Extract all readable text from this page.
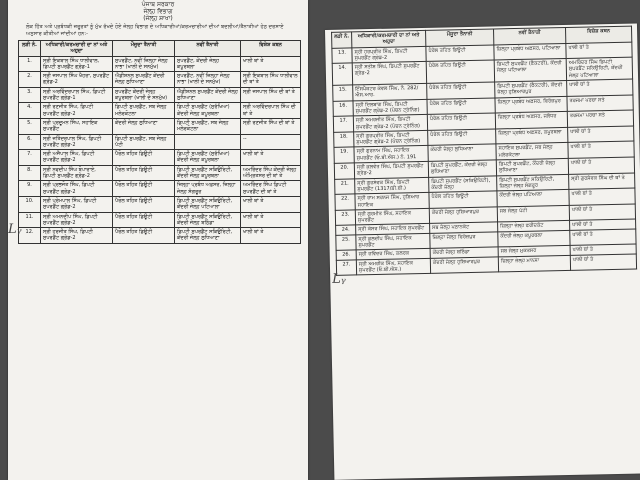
ਪੰਜਾਬ ਸਰਕਾਰ
ਜੇਲ੍ਹ ਵਿਭਾਗ
(ਜੇਲ੍ਹ ਸ਼ਾਖਾ)
ਲੋਕ ਹਿੱਤ ਅਤੇ ਪ੍ਰਬੰਧਕੀ ਜ਼ਰੂਰਤਾਂ ਨੂੰ ਮੁੱਖ ਰੱਖਦੇ ਹੋਏ ਜੇਲ੍ਹ ਵਿਭਾਗ ਦੇ ਅਧਿਕਾਰੀਆਂ/ਕਰਮਚਾਰੀਆਂ ਦੀਆਂ ਬਦਲੀਆਂ/ਤੈਨਾਤੀਆਂ ਹੇਠ ਦਰਸਾਏ ਅਨੁਸਾਰ ਕੀਤੀਆਂ ਜਾਂਦੀਆਂ ਹਨ:-
ਲੜੀ ਨੰ.	ਅਧਿਕਾਰੀ/ਕਰਮਚਾਰੀ ਦਾ ਨਾਂ ਅਤੇ ਅਹੁਦਾ	ਮੌਜੂਦਾ ਤੈਨਾਤੀ	ਨਵੀਂ ਤੈਨਾਤੀ	ਵਿਸ਼ੇਸ਼ ਕਥਨ
1.	ਸ੍ਰੀ ਇਕਬਾਲ ਸਿੰਘ ਧਾਲੀਵਾਲ, ਡਿਪਟੀ ਸੁਪਰਡੈਂਟ ਗ੍ਰੇਡ-1	ਸੁਪਰਡੈਂਟ, ਨਵੀਂ ਜ਼ਿਲ੍ਹਾ ਜੇਲ੍ਹ ਨਾਭਾ (ਖਾਲੀ ਦੇ ਸਨਮੁੱਖ)	ਸੁਪਰਡੈਂਟ, ਕੇਂਦਰੀ ਜੇਲ੍ਹ ਕਪੂਰਥਲਾ	ਖਾਲੀ ਥਾਂ ਤੇ
2.	ਸ੍ਰੀ ਜਸਪਾਲ ਸਿੰਘ ਖੈਹਰਾ, ਸੁਪਰਡੈਂਟ ਗ੍ਰੇਡ-2	ਐਡੀਸ਼ਨਲ ਸੁਪਰਡੈਂਟ ਕੇਂਦਰੀ ਜੇਲ੍ਹ ਲੁਧਿਆਣਾ	ਸੁਪਰਡੈਂਟ, ਨਵੀਂ ਜ਼ਿਲ੍ਹਾ ਜੇਲ੍ਹ ਨਾਭਾ (ਖਾਲੀ ਦੇ ਸਨਮੁੱਖ)	ਸ੍ਰੀ ਇਕਬਾਲ ਸਿੰਘ ਧਾਲੀਵਾਲ ਦੀ ਥਾਂ ਤੇ
3.	ਸ੍ਰੀ ਅਰਵਿੰਦਰਪਾਲ ਸਿੰਘ, ਡਿਪਟੀ ਸੁਪਰਡੈਂਟ ਗ੍ਰੇਡ-1	ਸੁਪਰਡੈਂਟ ਕੇਂਦਰੀ ਜੇਲ੍ਹ ਕਪੂਰਥਲਾ (ਖਾਲੀ ਦੇ ਸਨਮੁੱਖ)	ਐਡੀਸ਼ਨਲ ਸੁਪਰਡੈਂਟ ਕੇਂਦਰੀ ਜੇਲ੍ਹ ਲੁਧਿਆਣਾ	ਸ੍ਰੀ ਜਸਪਾਲ ਸਿੰਘ ਦੀ ਥਾਂ ਤੇ
4.	ਸ੍ਰੀ ਰਣਜੀਤ ਸਿੰਘ, ਡਿਪਟੀ ਸੁਪਰਡੈਂਟ ਗ੍ਰੇਡ-2	ਡਿਪਟੀ ਸੁਪਰਡੈਂਟ, ਸਬ ਜੇਲ੍ਹ ਮਲੇਰਕੋਟਲਾ	ਡਿਪਟੀ ਸੁਪਰਡੈਂਟ (ਸੁਰੱਖਿਆ) ਕੇਂਦਰੀ ਜੇਲ੍ਹ ਕਪੂਰਥਲਾ	ਸ੍ਰੀ ਅਰਵਿੰਦਰਪਾਲ ਸਿੰਘ ਦੀ ਥਾਂ ਤੇ
5.	ਸ੍ਰੀ ਪ੍ਰਦੂਮਨ ਸਿੰਘ, ਸਹਾਇਕ ਸੁਪਰਡੈਂਟ	ਕੇਂਦਰੀ ਜੇਲ੍ਹ ਲੁਧਿਆਣਾ	ਡਿਪਟੀ ਸੁਪਰਡੈਂਟ, ਸਬ ਜੇਲ੍ਹ ਮਲੇਰਕੋਟਲਾ	ਸ੍ਰੀ ਰਣਜੀਤ ਸਿੰਘ ਦੀ ਥਾਂ ਤੇ
6.	ਸ੍ਰੀ ਜਤਿੰਦਰਪਾਲ ਸਿੰਘ, ਡਿਪਟੀ ਸੁਪਰਡੈਂਟ ਗ੍ਰੇਡ-2	ਡਿਪਟੀ ਸੁਪਰਡੈਂਟ, ਸਬ ਜੇਲ੍ਹ ਪੱਟੀ		--
7.	ਸ੍ਰੀ ਅਜੈਪਾਲ ਸਿੰਘ, ਡਿਪਟੀ ਸੁਪਰਡੈਂਟ ਗ੍ਰੇਡ-2	ਪੈਰੋਲ ਤਹਿਤ ਡਿਊਟੀ	ਡਿਪਟੀ ਸੁਪਰਡੈਂਟ (ਸੁਰੱਖਿਆ) ਕੇਂਦਰੀ ਜੇਲ੍ਹ ਕਪੂਰਥਲਾ	ਖਾਲੀ ਥਾਂ ਤੇ
8.	ਸ੍ਰੀ ਨਵਦੀਪ ਸਿੰਘ ਬੋਪਾਰਾਏ, ਡਿਪਟੀ ਸੁਪਰਡੈਂਟ ਗ੍ਰੇਡ-2	ਪੈਰੋਲ ਤਹਿਤ ਡਿਊਟੀ	ਡਿਪਟੀ ਸੁਪਰਡੈਂਟ ਸਕਿਉਰਿਟੀ, ਕੇਂਦਰੀ ਜੇਲ੍ਹ ਕਪੂਰਥਲਾ	ਅਮਰਿੰਦਰ ਸਿੰਘ ਕੇਂਦਰੀ ਜੇਲ੍ਹ ਅੰਮ੍ਰਿਤਸਰ ਦੀ ਥਾਂ ਤੇ
9.	ਸ੍ਰੀ ਪ੍ਰਭਜੋਤ ਸਿੰਘ, ਡਿਪਟੀ ਸੁਪਰਡੈਂਟ ਗ੍ਰੇਡ-2	ਪੈਰੋਲ ਤਹਿਤ ਡਿਊਟੀ	ਜ਼ਿਲ੍ਹਾ ਪ੍ਰਬੰਧ ਅਫ਼ਸਰ, ਜ਼ਿਲ੍ਹਾ ਜੇਲ੍ਹ ਸੰਗਰੂਰ	ਅਮਰਿੰਦਰ ਸਿੰਘ ਡਿਪਟੀ ਸੁਪਰਡੈਂਟ ਦੀ ਥਾਂ ਤੇ
10.	ਸ੍ਰੀ ਪ੍ਰੇਮਪਾਲ ਸਿੰਘ, ਡਿਪਟੀ ਸੁਪਰਡੈਂਟ ਗ੍ਰੇਡ-2	ਪੈਰੋਲ ਤਹਿਤ ਡਿਊਟੀ	ਡਿਪਟੀ ਸੁਪਰਡੈਂਟ ਸਕਿਉਰਿਟੀ, ਕੇਂਦਰੀ ਜੇਲ੍ਹ ਪਟਿਆਲਾ	ਖਾਲੀ ਥਾਂ ਤੇ
11.	ਸ੍ਰੀ ਅਮਨਦੀਪ ਸਿੰਘ, ਡਿਪਟੀ ਸੁਪਰਡੈਂਟ ਗ੍ਰੇਡ-2	ਪੈਰੋਲ ਤਹਿਤ ਡਿਊਟੀ	ਡਿਪਟੀ ਸੁਪਰਡੈਂਟ ਸਕਿਉਰਿਟੀ, ਕੇਂਦਰੀ ਜੇਲ੍ਹ ਬਠਿੰਡਾ	ਖਾਲੀ ਥਾਂ ਤੇ
12.	ਸ੍ਰੀ ਹਰਜੀਤ ਸਿੰਘ, ਡਿਪਟੀ ਸੁਪਰਡੈਂਟ ਗ੍ਰੇਡ-2	ਪੈਰੋਲ ਤਹਿਤ ਡਿਊਟੀ	ਡਿਪਟੀ ਸੁਪਰਡੈਂਟ ਸਕਿਉਰਿਟੀ, ਕੇਂਦਰੀ ਜੇਲ੍ਹ ਲੁਧਿਆਣਾ	ਖਾਲੀ ਥਾਂ ਤੇ
Lᵧ
ਲੜੀ ਨੰ.	ਅਧਿਕਾਰੀ/ਕਰਮਚਾਰੀ ਦਾ ਨਾਂ ਅਤੇ ਅਹੁਦਾ	ਮੌਜੂਦਾ ਤੈਨਾਤੀ	ਨਵੀਂ ਤੈਨਾਤੀ	ਵਿਸ਼ੇਸ਼ ਕਥਨ
13.	ਸ੍ਰੀ ਹਰਪ੍ਰੀਤ ਸਿੰਘ, ਡਿਪਟੀ ਸੁਪਰਡੈਂਟ ਗ੍ਰੇਡ-2	ਪੈਰੋਲ ਤਹਿਤ ਡਿਊਟੀ	ਜ਼ਿਲ੍ਹਾ ਪ੍ਰਬੰਧ ਅਫ਼ਸਰ, ਪਟਿਆਲਾ	ਖਾਲੀ ਥਾਂ ਤੇ
14.	ਸ੍ਰੀ ਸਤੀਸ਼ ਸਿੰਘ, ਡਿਪਟੀ ਸੁਪਰਡੈਂਟ ਗ੍ਰੇਡ-2	ਪੈਰੋਲ ਤਹਿਤ ਡਿਊਟੀ	ਡਿਪਟੀ ਸੁਪਰਡੈਂਟ (ਫੈਕਟਰੀ), ਕੇਂਦਰੀ ਜੇਲ੍ਹ ਪਟਿਆਲਾ	ਅਮਰਿੰਦਰ ਸਿੰਘ ਡਿਪਟੀ ਸੁਪਰਡੈਂਟ ਸਕਿਉਰਿਟੀ, ਕੇਂਦਰੀ ਜੇਲ੍ਹ ਪਟਿਆਲਾ
15.	ਇੰਸਪੈਕਟਰ ਕੇਵਲ ਸਿੰਘ, ਨੰ. 282/ਐਸ.ਆਰ.	ਪੈਰੋਲ ਤਹਿਤ ਡਿਊਟੀ	ਡਿਪਟੀ ਸੁਪਰਡੈਂਟ (ਫੈਕਟਰੀ), ਕੇਂਦਰੀ ਜੇਲ੍ਹ ਹੁਸ਼ਿਆਰਪੁਰ	ਖਾਲੀ ਥਾਂ ਤੇ
16.	ਸ੍ਰੀ ਦਿਲਬਾਗ ਸਿੰਘ, ਡਿਪਟੀ ਸੁਪਰਡੈਂਟ ਗ੍ਰੇਡ-2 (ਪੰਚਨ ਟ੍ਰੇਨਿੰਗ)	ਪੈਰੋਲ ਤਹਿਤ ਡਿਊਟੀ	ਜ਼ਿਲ੍ਹਾ ਪ੍ਰਬੰਧ ਅਫ਼ਸਰ, ਫਿਰੋਜ਼ਪੁਰ	ਤਰਜਮਾ ਪਰਚਾ ਸਤੇ
17.	ਸ੍ਰੀ ਅਮਰਜੀਤ ਸਿੰਘ, ਡਿਪਟੀ ਸੁਪਰਡੈਂਟ ਗ੍ਰੇਡ-2 (ਪੰਚਨ ਟ੍ਰੇਨਿੰਗ)	ਪੈਰੋਲ ਤਹਿਤ ਡਿਊਟੀ	ਜ਼ਿਲ੍ਹਾ ਪ੍ਰਬੰਧ ਅਫ਼ਸਰ, ਜਲੰਧਰ	ਤਰਜਮਾ ਪਰਚਾ ਸਤੇ
18.	ਸ੍ਰੀ ਗੁਰਪ੍ਰੀਤ ਸਿੰਘ, ਡਿਪਟੀ ਸੁਪਰਡੈਂਟ ਗ੍ਰੇਡ-2 (ਪੰਚਨ ਟ੍ਰੇਨਿੰਗ)	ਪੈਰੋਲ ਤਹਿਤ ਡਿਊਟੀ	ਜ਼ਿਲ੍ਹਾ ਪ੍ਰਬੰਧ ਅਫ਼ਸਰ, ਕਪੂਰਥਲਾ	ਖਾਲੀ ਥਾਂ ਤੇ
19.	ਸ੍ਰੀ ਗੁਰਨਾਮ ਸਿੰਘ, ਸਹਾਇਕ ਸੁਪਰਡੈਂਟ (ਓ.ਬੀ.ਐਸ.) ਨੰ. 191	ਕੇਂਦਰੀ ਜੇਲ੍ਹ ਲੁਧਿਆਣਾ	ਸਹਾਇਕ ਸੁਪਰਡੈਂਟ, ਸਬ ਜੇਲ੍ਹ ਮਲੇਰਕੋਟਲਾ	ਖਾਲੀ ਥਾਂ ਤੇ
20.	ਸ੍ਰੀ ਕੁਲਵੰਤ ਸਿੰਘ, ਡਿਪਟੀ ਸੁਪਰਡੈਂਟ ਗ੍ਰੇਡ-2	ਡਿਪਟੀ ਸੁਪਰਡੈਂਟ, ਕੇਂਦਰੀ ਜੇਲ੍ਹ ਲੁਧਿਆਣਾ	ਡਿਪਟੀ ਸੁਪਰਡੈਂਟ, ਕੇਂਦਰੀ ਜੇਲ੍ਹ ਲੁਧਿਆਣਾ	ਖਾਲੀ ਥਾਂ ਤੇ
21.	ਸ੍ਰੀ ਗੁਰਸੇਵਕ ਸਿੰਘ, ਡਿਪਟੀ ਸੁਪਰਡੈਂਟ (1317/ਡੀ.ਬੀ.)	ਡਿਪਟੀ ਸੁਪਰਡੈਂਟ (ਸਕਿਉਰਿਟੀ), ਕੇਂਦਰੀ ਜੇਲ੍ਹ	ਡਿਪਟੀ ਸੁਪਰਡੈਂਟ ਸਕਿਉਰਿਟੀ, ਜ਼ਿਲ੍ਹਾ ਜੇਲ੍ਹ ਸੰਗਰੂਰ	ਸ੍ਰੀ ਗੁਰਸੇਵਕ ਸਿੰਘ ਦੀ ਥਾਂ ਤੇ
22.	ਸ੍ਰੀ ਰਾਮ ਸਰਨਜ ਸਿੰਘ, ਹੁਸ਼ਿਆਰ ਸਹਾਇਕ	ਪੈਰੋਲ ਤਹਿਤ ਡਿਊਟੀ	ਕੇਂਦਰੀ ਜੇਲ੍ਹ ਪਟਿਆਲਾ	ਖਾਲੀ ਥਾਂ ਤੇ
23.	ਸ੍ਰੀ ਗੁਰਮੀਤ ਸਿੰਘ, ਸਹਾਇਕ ਸੁਪਰਡੈਂਟ	ਕੇਂਦਰੀ ਜੇਲ੍ਹ ਹੁਸ਼ਿਆਰਪੁਰ	ਸਬ ਜੇਲ੍ਹ ਪੱਟੀ	ਖਾਲੀ ਥਾਂ ਤੇ
24.	ਸ੍ਰੀ ਕੇਸਰ ਸਿੰਘ, ਸਹਾਇਕ ਸੁਪਰਡੈਂਟ	ਸਬ ਜੇਲ੍ਹ ਪਠਾਨਕੋਟ	ਜ਼ਿਲ੍ਹਾ ਜੇਲ੍ਹ ਫਰੀਦਕੋਟ	ਖਾਲੀ ਥਾਂ ਤੇ
25.	ਸ੍ਰੀ ਕੁਲਦੀਪ ਸਿੰਘ, ਸਹਾਇਕ ਸੁਪਰਡੈਂਟ	ਜ਼ਿਲ੍ਹਾ ਜੇਲ੍ਹ ਫਿਰੋਜ਼ਪੁਰ	ਕੇਂਦਰੀ ਜੇਲ੍ਹ ਕਪੂਰਥਲਾ	ਖਾਲੀ ਥਾਂ ਤੇ
26.	ਸ੍ਰੀ ਰਵਿੰਦਰ ਸਿੰਘ, ਕਲਰਕ	ਕੇਂਦਰੀ ਜੇਲ੍ਹ ਬਠਿੰਡਾ	ਸਬ ਜੇਲ੍ਹ ਮੁਕਤਸਰ	ਖਾਲੀ ਥਾਂ ਤੇ
27.	ਸ੍ਰੀ ਅਮਰੀਕ ਸਿੰਘ, ਸਹਾਇਕ ਸੁਪਰਡੈਂਟ (ਓ.ਬੀ.ਐਸ.)	ਕੇਂਦਰੀ ਜੇਲ੍ਹ ਹੁਸ਼ਿਆਰਪੁਰ	ਜ਼ਿਲ੍ਹਾ ਜੇਲ੍ਹ ਮਾਨਸਾ	ਖਾਲੀ ਥਾਂ ਤੇ
Lᵧ
